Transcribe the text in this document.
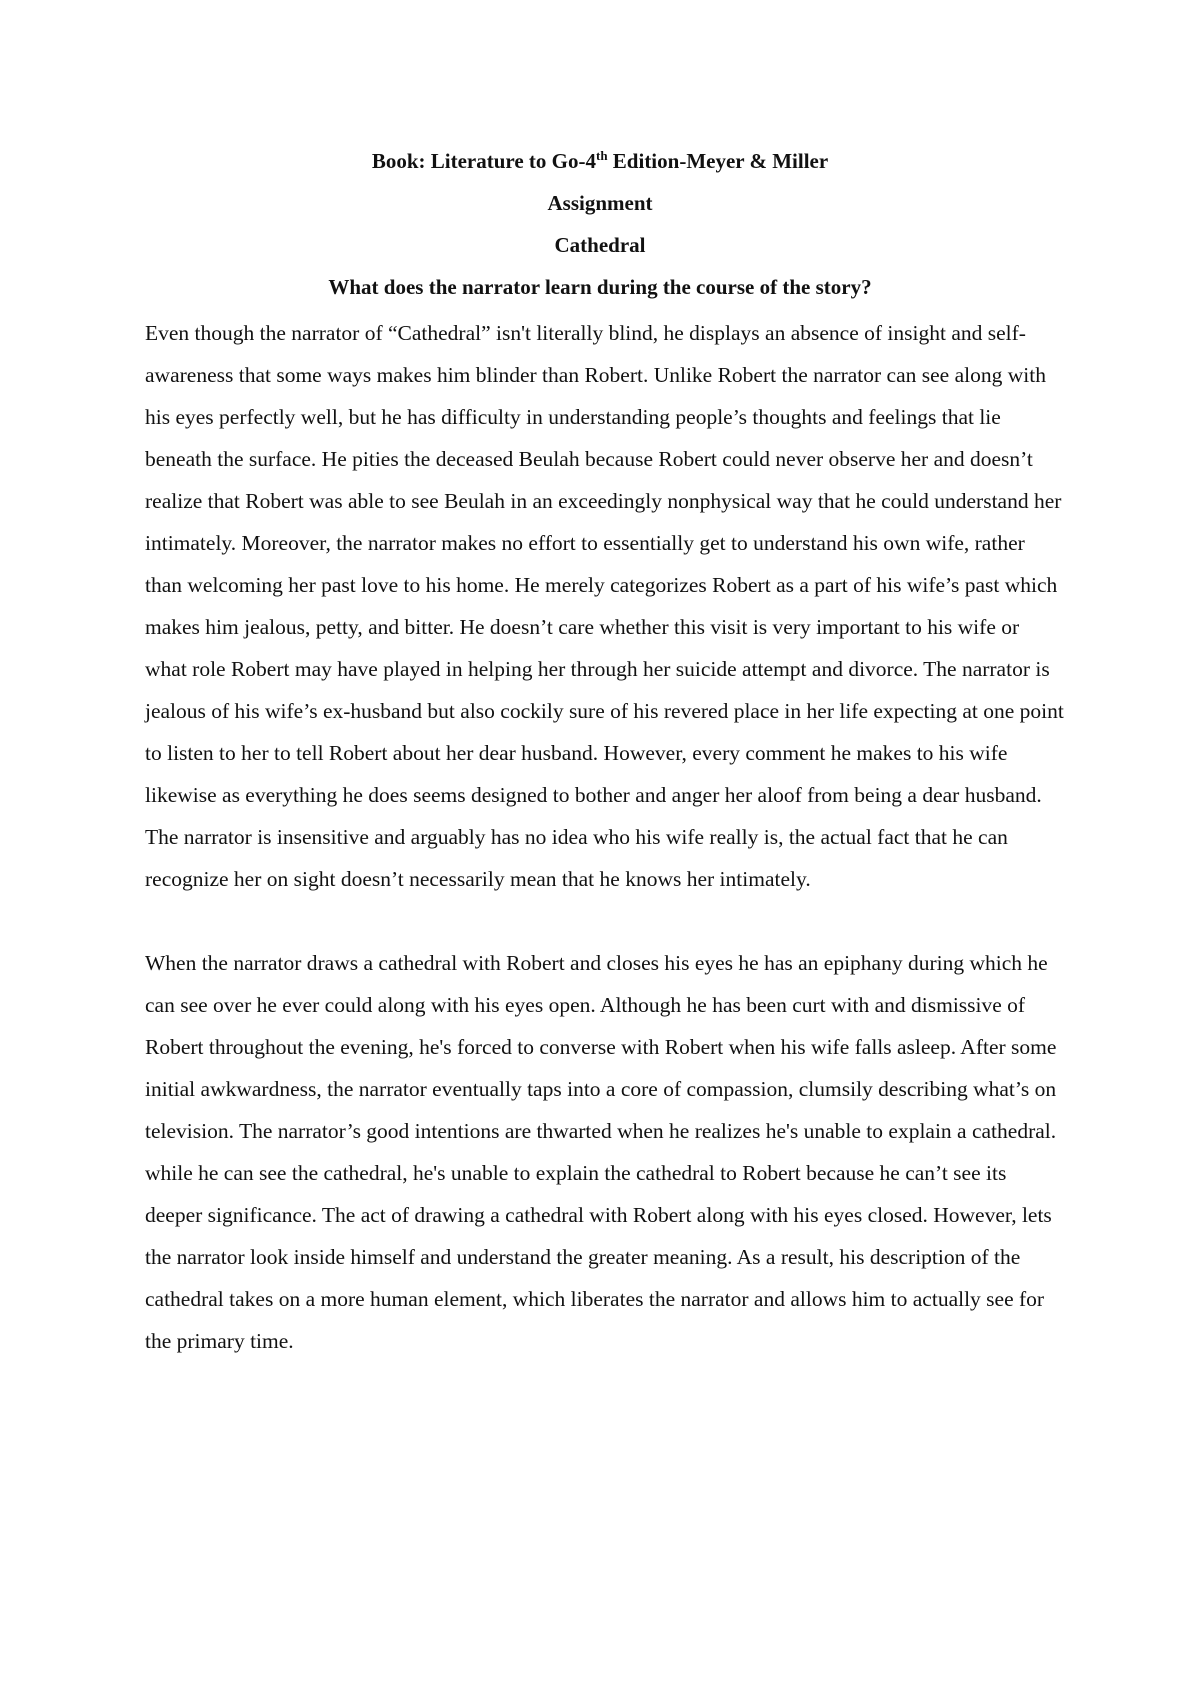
Book: Literature to Go-4th Edition-Meyer & Miller

Assignment

Cathedral

What does the narrator learn during the course of the story?

Even though the narrator of “Cathedral” isn't literally blind, he displays an absence of insight and self-awareness that some ways makes him blinder than Robert. Unlike Robert the narrator can see along with his eyes perfectly well, but he has difficulty in understanding people’s thoughts and feelings that lie beneath the surface. He pities the deceased Beulah because Robert could never observe her and doesn’t realize that Robert was able to see Beulah in an exceedingly nonphysical way that he could understand her intimately. Moreover, the narrator makes no effort to essentially get to understand his own wife, rather than welcoming her past love to his home. He merely categorizes Robert as a part of his wife’s past which makes him jealous, petty, and bitter. He doesn’t care whether this visit is very important to his wife or what role Robert may have played in helping her through her suicide attempt and divorce. The narrator is jealous of his wife’s ex-husband but also cockily sure of his revered place in her life expecting at one point to listen to her to tell Robert about her dear husband. However, every comment he makes to his wife likewise as everything he does seems designed to bother and anger her aloof from being a dear husband. The narrator is insensitive and arguably has no idea who his wife really is, the actual fact that he can recognize her on sight doesn’t necessarily mean that he knows her intimately.

When the narrator draws a cathedral with Robert and closes his eyes he has an epiphany during which he can see over he ever could along with his eyes open. Although he has been curt with and dismissive of Robert throughout the evening, he's forced to converse with Robert when his wife falls asleep. After some initial awkwardness, the narrator eventually taps into a core of compassion, clumsily describing what’s on television. The narrator’s good intentions are thwarted when he realizes he's unable to explain a cathedral. while he can see the cathedral, he's unable to explain the cathedral to Robert because he can’t see its deeper significance. The act of drawing a cathedral with Robert along with his eyes closed. However, lets the narrator look inside himself and understand the greater meaning. As a result, his description of the cathedral takes on a more human element, which liberates the narrator and allows him to actually see for the primary time.
